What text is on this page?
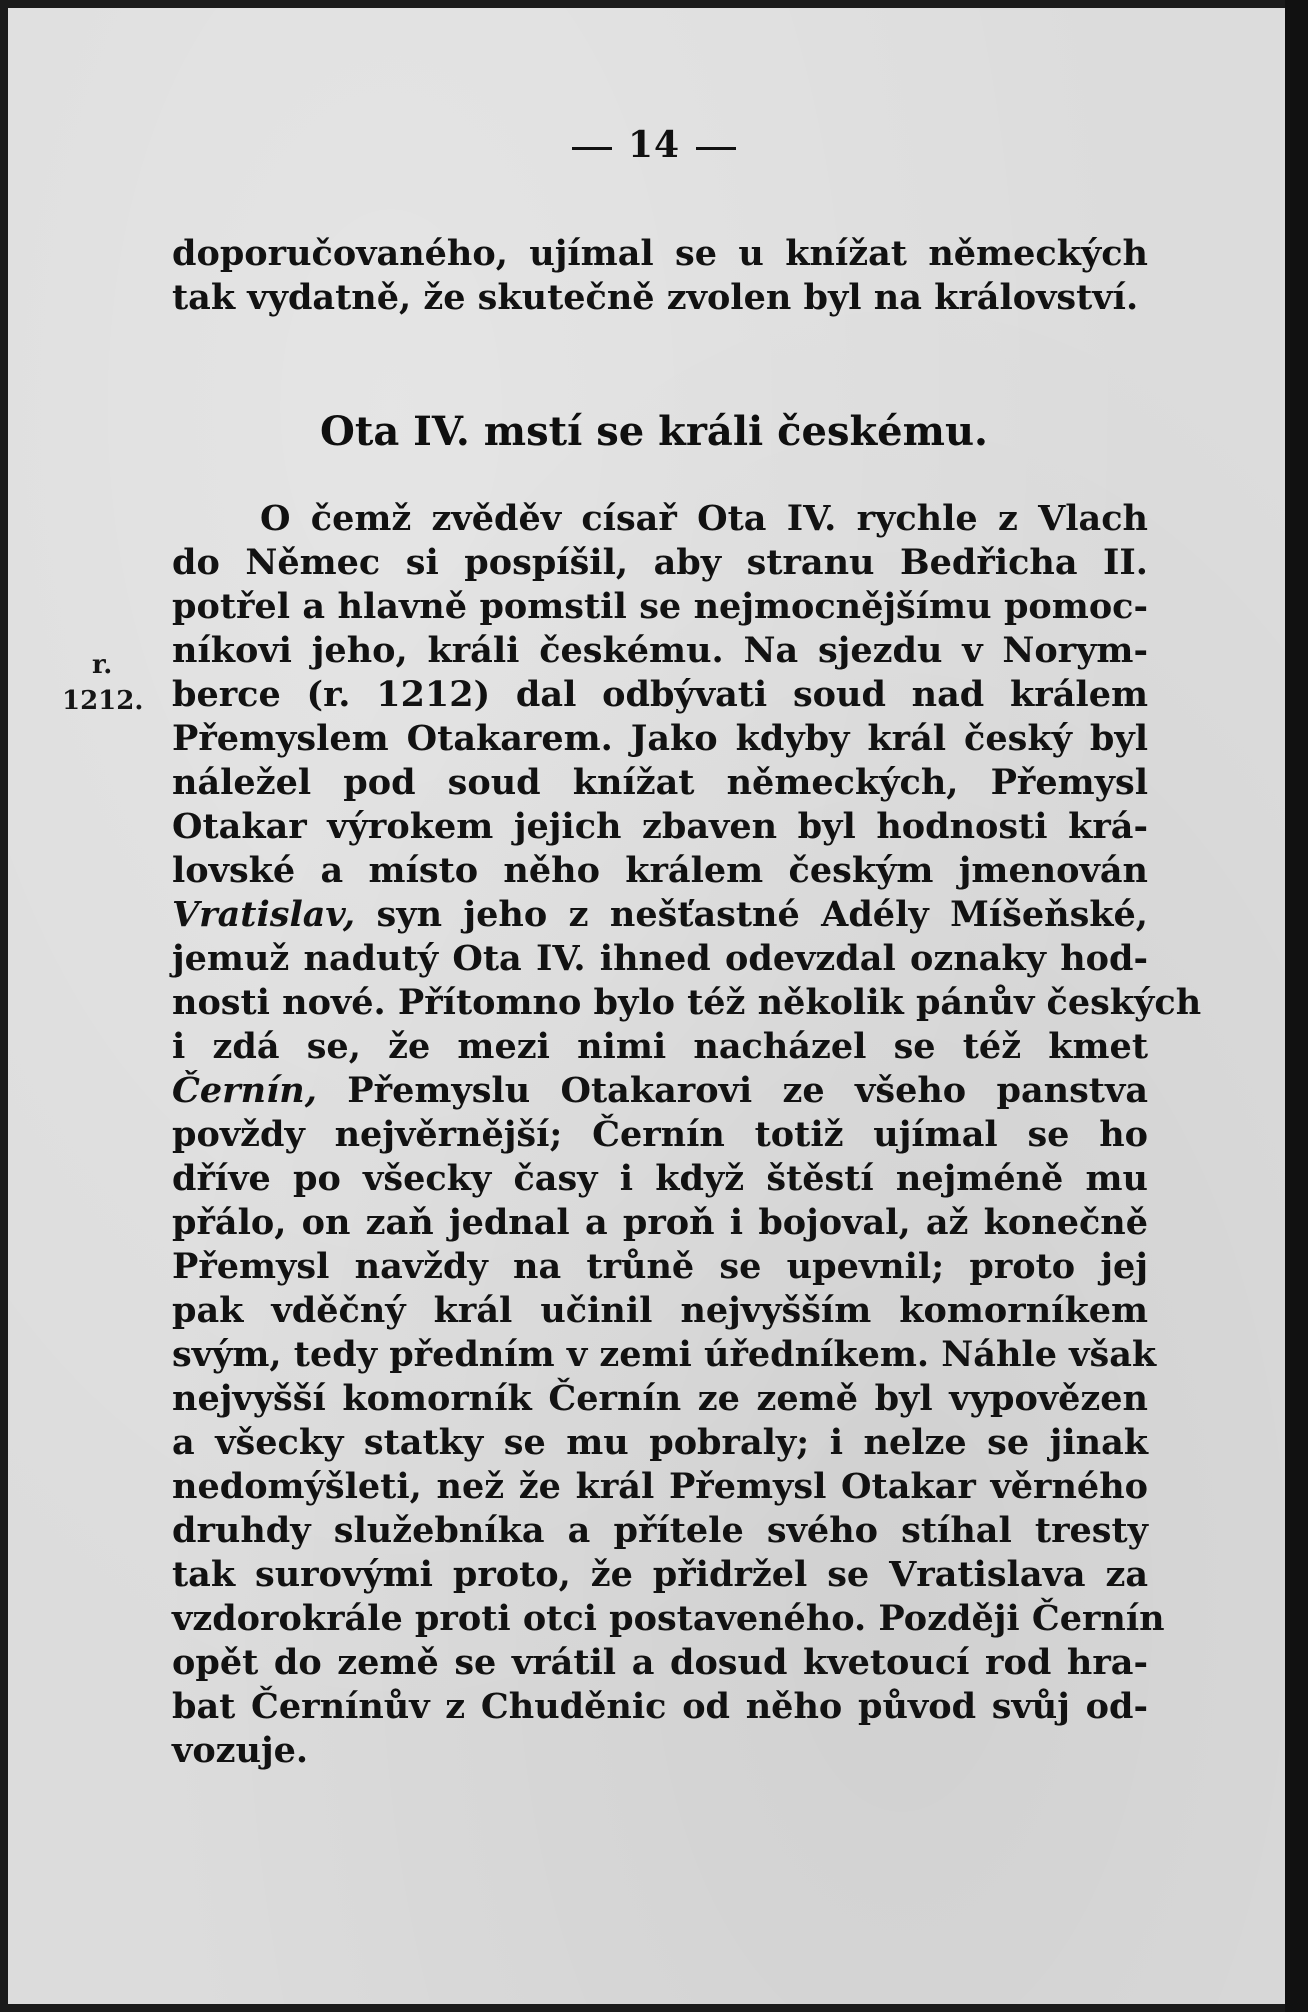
14
doporučovaného, ujímal se u knížat německých
tak vydatně, že skutečně zvolen byl na království.
Ota IV. mstí se králi českému.
r.
1212.
O čemž zvěděv císař Ota IV. rychle z Vlach
do Němec si pospíšil, aby stranu Bedřicha II.
potřel a hlavně pomstil se nejmocnějšímu pomoc-
níkovi jeho, králi českému. Na sjezdu v Norym-
berce (r. 1212) dal odbývati soud nad králem
Přemyslem Otakarem. Jako kdyby král český byl
náležel pod soud knížat německých, Přemysl
Otakar výrokem jejich zbaven byl hodnosti krá-
lovské a místo něho králem českým jmenován
Vratislav, syn jeho z nešťastné Adély Míšeňské,
jemuž nadutý Ota IV. ihned odevzdal oznaky hod-
nosti nové. Přítomno bylo též několik pánův českých
i zdá se, že mezi nimi nacházel se též kmet
Černín, Přemyslu Otakarovi ze všeho panstva
povždy nejvěrnější; Černín totiž ujímal se ho
dříve po všecky časy i když štěstí nejméně mu
přálo, on zaň jednal a proň i bojoval, až konečně
Přemysl navždy na trůně se upevnil; proto jej
pak vděčný král učinil nejvyšším komorníkem
svým, tedy předním v zemi úředníkem. Náhle však
nejvyšší komorník Černín ze země byl vypovězen
a všecky statky se mu pobraly; i nelze se jinak
nedomýšleti, než že král Přemysl Otakar věrného
druhdy služebníka a přítele svého stíhal tresty
tak surovými proto, že přidržel se Vratislava za
vzdorokrále proti otci postaveného. Později Černín
opět do země se vrátil a dosud kvetoucí rod hra-
bat Černínův z Chuděnic od něho původ svůj od-
vozuje.
